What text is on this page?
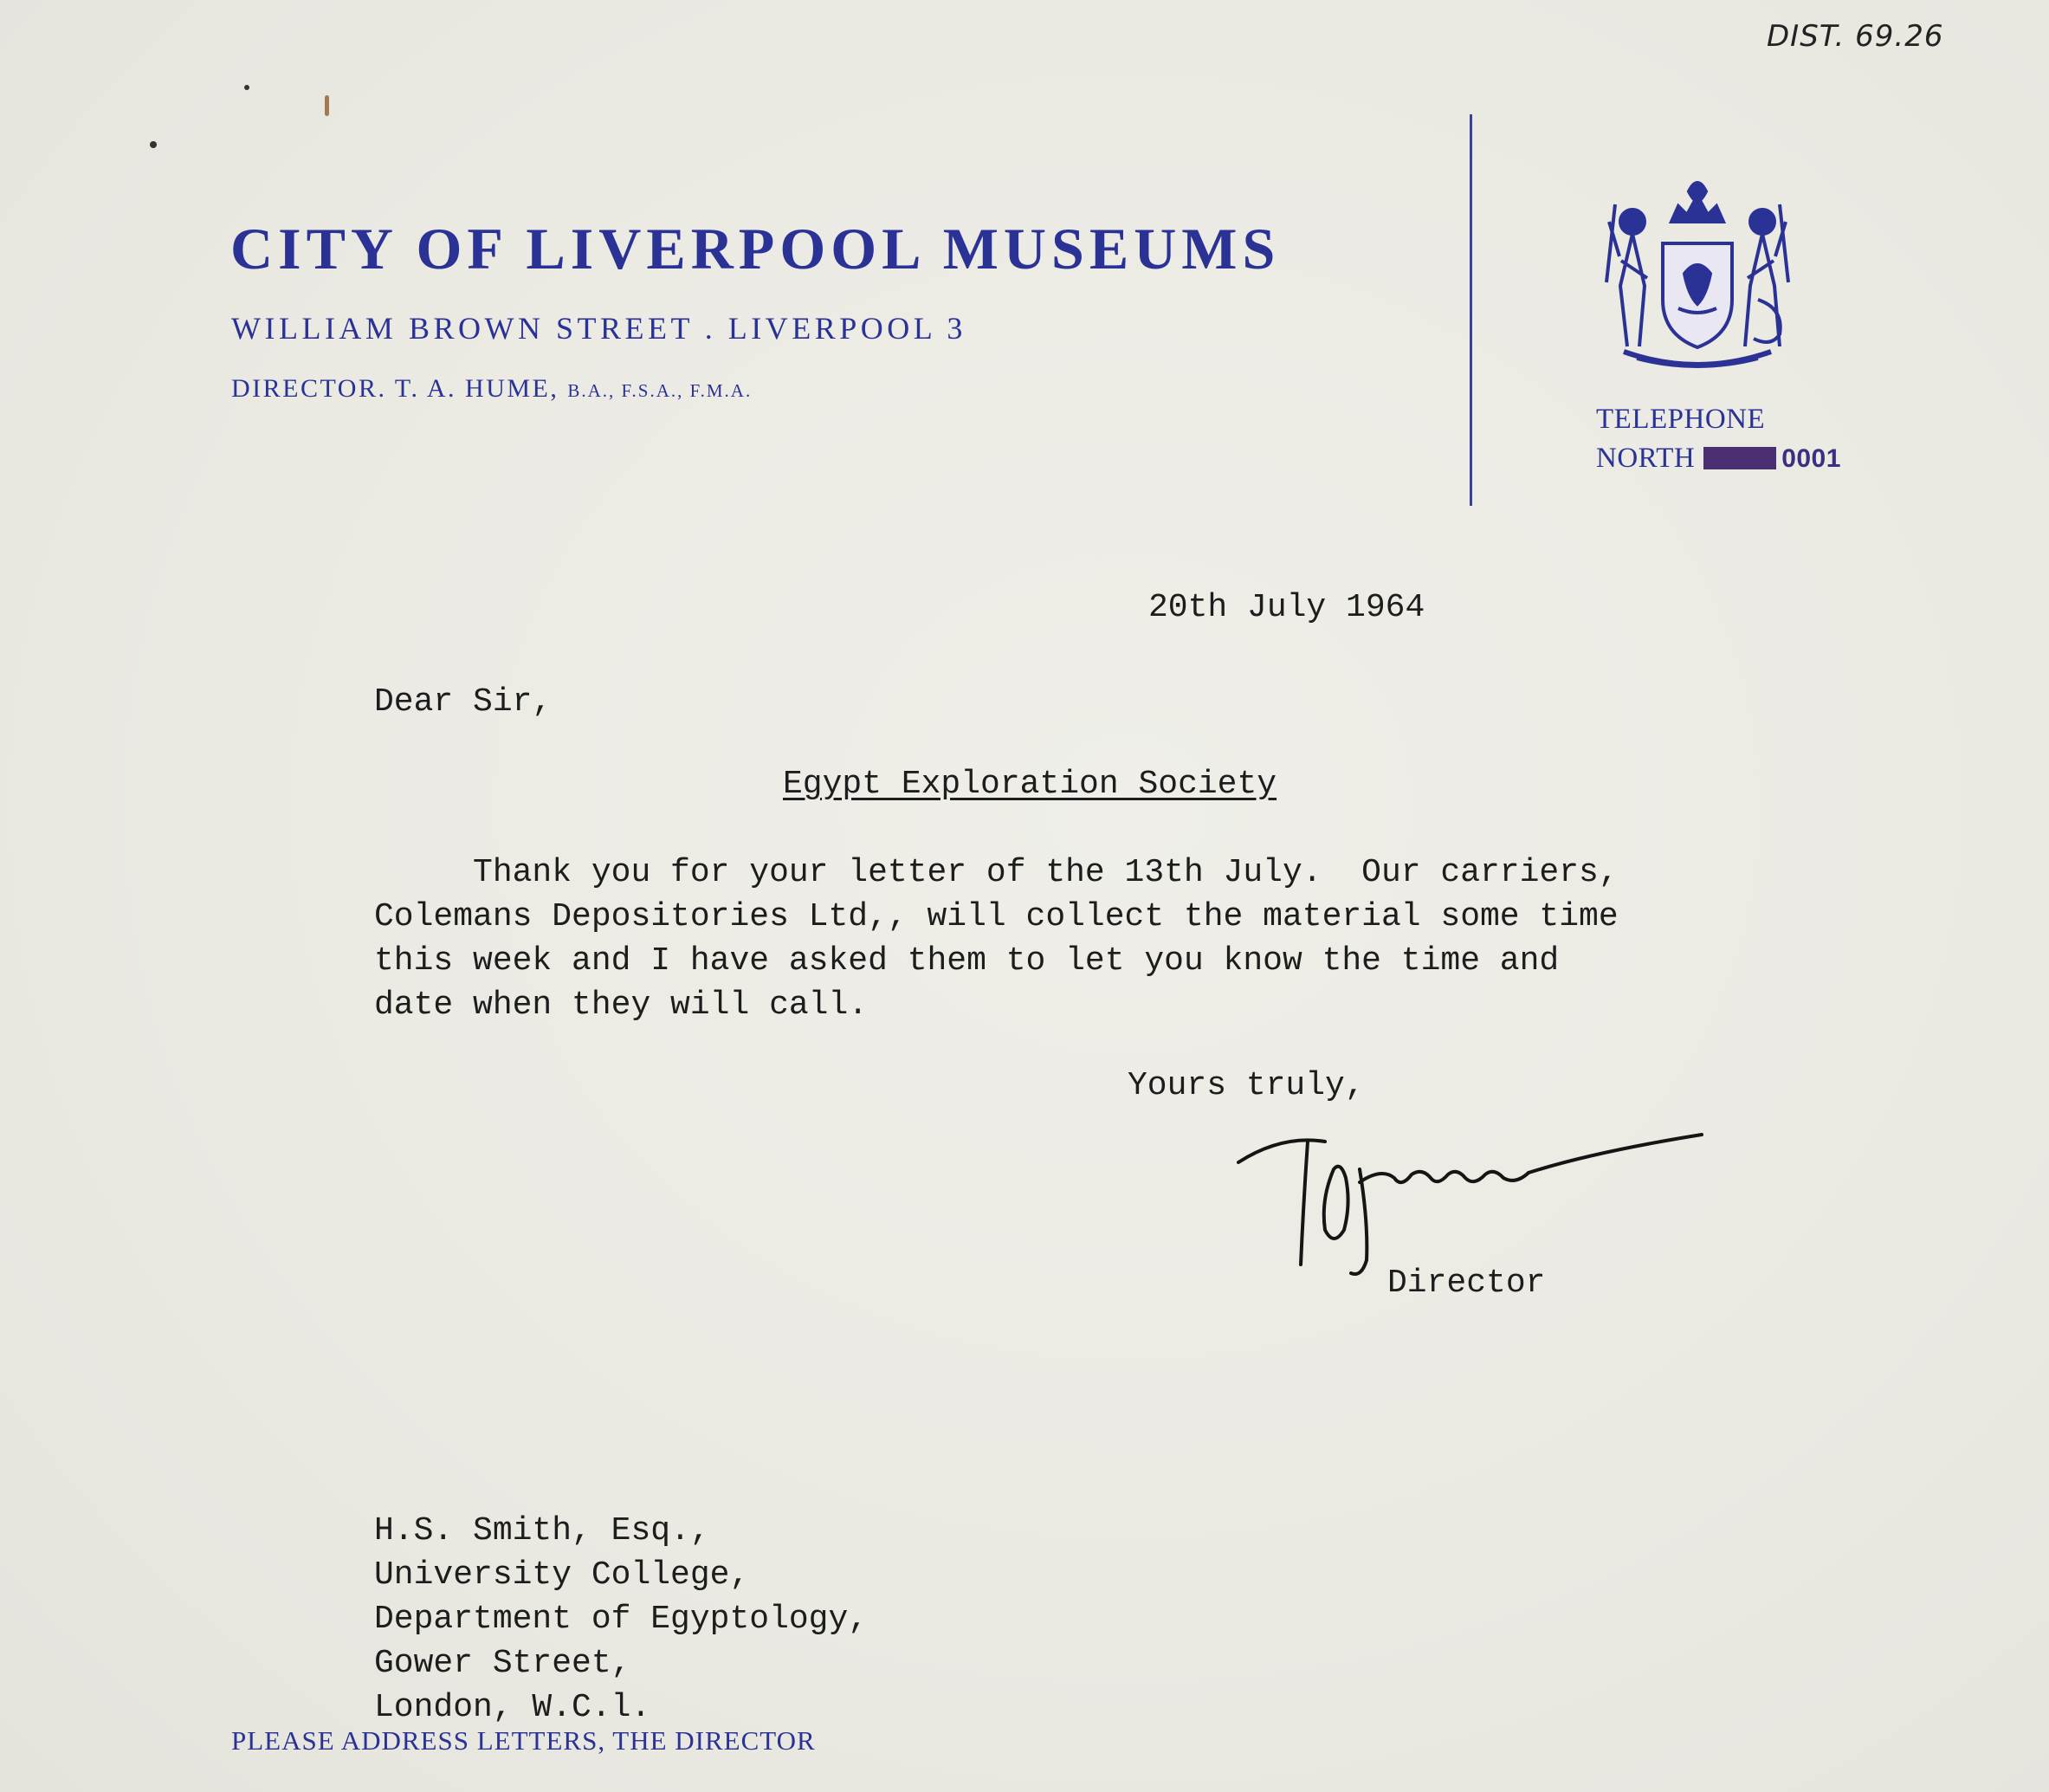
DIST. 69.26
CITY OF LIVERPOOL MUSEUMS
WILLIAM BROWN STREET . LIVERPOOL 3
DIRECTOR. T. A. HUME, B.A., F.S.A., F.M.A.
TELEPHONE
NORTH	0001
20th July 1964
Dear Sir,
Egypt Exploration Society
Thank you for your letter of the 13th July.  Our carriers,
Colemans Depositories Ltd,, will collect the material some time
this week and I have asked them to let you know the time and
date when they will call.
Yours truly,
Director
H.S. Smith, Esq.,
University College,
Department of Egyptology,
Gower Street,
London, W.C.l.
PLEASE ADDRESS LETTERS, THE DIRECTOR
